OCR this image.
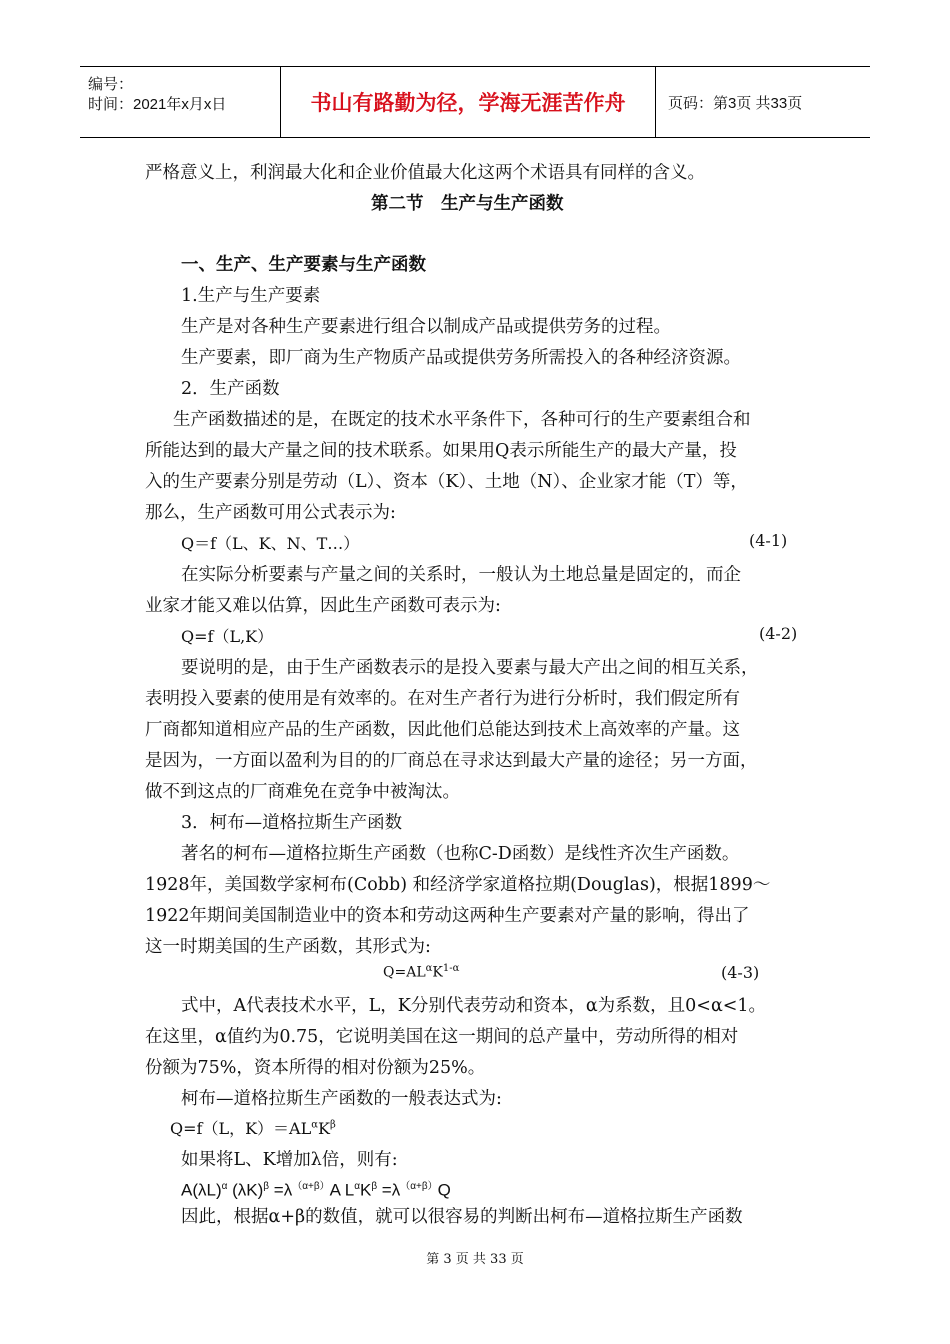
编号：
时间：2021年x月x日	书山有路勤为径，学海无涯苦作舟	页码：第3页 共33页
严格意义上，利润最大化和企业价值最大化这两个术语具有同样的含义。
第二节　生产与生产函数
一、生产、生产要素与生产函数
1.生产与生产要素
生产是对各种生产要素进行组合以制成产品或提供劳务的过程。
生产要素，即厂商为生产物质产品或提供劳务所需投入的各种经济资源。
2．生产函数
生产函数描述的是，在既定的技术水平条件下，各种可行的生产要素组合和
所能达到的最大产量之间的技术联系。如果用Q表示所能生产的最大产量，投
入的生产要素分别是劳动（L）、资本（K）、土地（N）、企业家才能（T）等，
那么，生产函数可用公式表示为:
Q＝f（L、K、N、T…）	(4-1)
在实际分析要素与产量之间的关系时，一般认为土地总量是固定的，而企
业家才能又难以估算，因此生产函数可表示为:
Q=f（L,K）	(4-2)
要说明的是，由于生产函数表示的是投入要素与最大产出之间的相互关系，
表明投入要素的使用是有效率的。在对生产者行为进行分析时，我们假定所有
厂商都知道相应产品的生产函数，因此他们总能达到技术上高效率的产量。这
是因为，一方面以盈利为目的的厂商总在寻求达到最大产量的途径；另一方面，
做不到这点的厂商难免在竞争中被淘汰。
3．柯布—道格拉斯生产函数
著名的柯布—道格拉斯生产函数（也称C-D函数）是线性齐次生产函数。
1928年，美国数学家柯布(Cobb) 和经济学家道格拉期(Douglas)，根据1899～
1922年期间美国制造业中的资本和劳动这两种生产要素对产量的影响，得出了
这一时期美国的生产函数，其形式为:
$Q=AL^\alpha K^{1-\alpha}$	(4-3)
式中，A代表技术水平，L，K分别代表劳动和资本，α为系数，且0<α<1。
在这里，α值约为0.75，它说明美国在这一期间的总产量中，劳动所得的相对
份额为75%，资本所得的相对份额为25%。
柯布—道格拉斯生产函数的一般表达式为:
Q=f（L，$K)=AL^\alpha K^\beta$
如果将L、K增加λ倍，则有:
$A(\lambda L)^\alpha$ $(\lambda K)^\beta =\lambda^{(\alpha+\beta)}A$ $L^\alpha K^\beta =\lambda^{(\alpha+\beta)}Q$
因此，根据α+β的数值，就可以很容易的判断出柯布—道格拉斯生产函数
第 3 页 共 33 页
